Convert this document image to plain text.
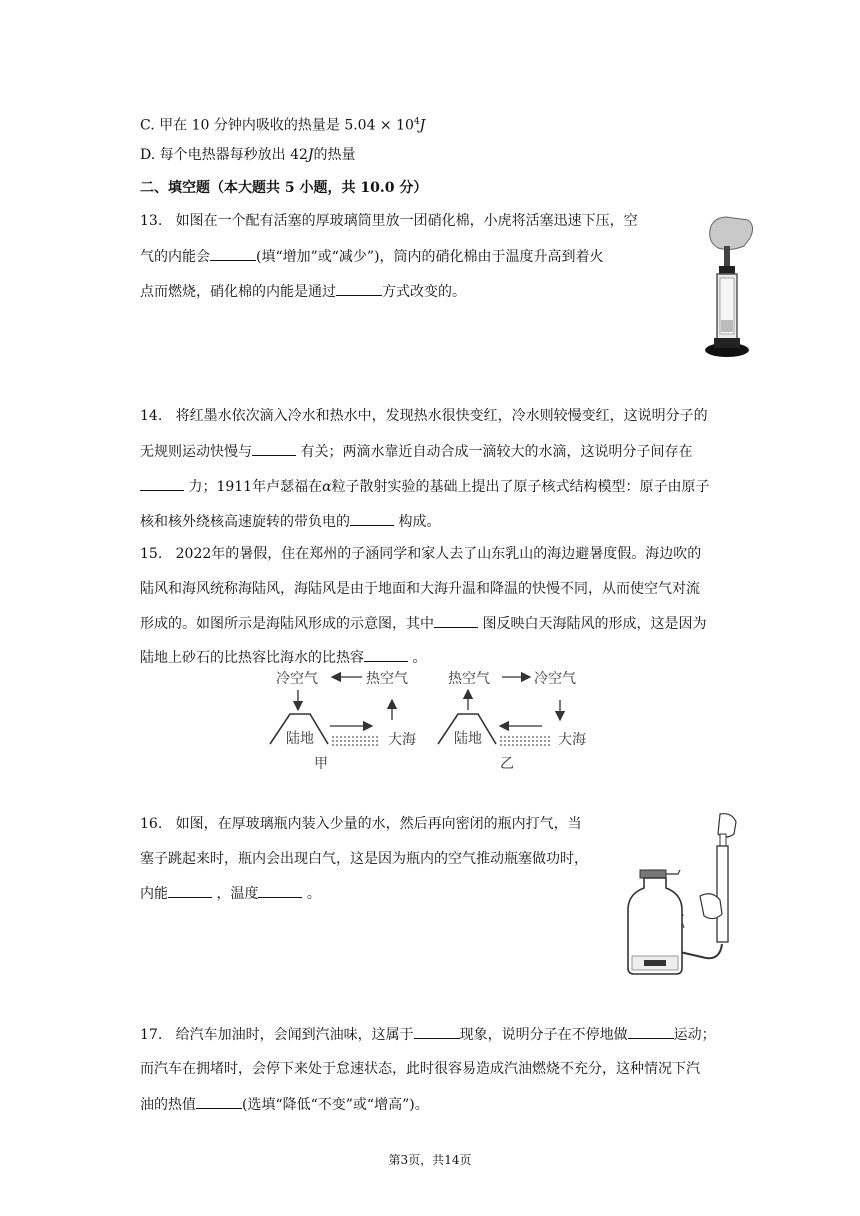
C. 甲在 10 分钟内吸收的热量是 $5.04 \times 10^4J$
D. 每个电热器每秒放出 42J的热量
二、填空题（本大题共 5 小题，共 10.0 分）
13. 如图在一个配有活塞的厚玻璃筒里放一团硝化棉，小虎将活塞迅速下压，空
气的内能会	(填“增加”或“减少”)，筒内的硝化棉由于温度升高到着火
点而燃烧，硝化棉的内能是通过	方式改变的。
14. 将红墨水依次滴入冷水和热水中，发现热水很快变红，冷水则较慢变红，这说明分子的
无规则运动快慢与	有关；两滴水靠近自动合成一滴较大的水滴，这说明分子间存在
力；1911年卢瑟福在α粒子散射实验的基础上提出了原子核式结构模型：原子由原子
核和核外绕核高速旋转的带负电的	构成。
15. 2022年的暑假，住在郑州的子涵同学和家人去了山东乳山的海边避暑度假。海边吹的
陆风和海风统称海陆风，海陆风是由于地面和大海升温和降温的快慢不同，从而使空气对流
形成的。如图所示是海陆风形成的示意图，其中	图反映白天海陆风的形成，这是因为
陆地上砂石的比热容比海水的比热容	。
冷空气	热空气
陆地	大海
甲
热空气	冷空气
陆地	大海
乙
16. 如图，在厚玻璃瓶内装入少量的水，然后再向密闭的瓶内打气，当
塞子跳起来时，瓶内会出现白气，这是因为瓶内的空气推动瓶塞做功时，
内能	，温度	。
17. 给汽车加油时，会闻到汽油味，这属于	现象，说明分子在不停地做	运动；
而汽车在拥堵时，会停下来处于怠速状态，此时很容易造成汽油燃烧不充分，这种情况下汽
油的热值	(选填“降低“不变”或“增高”)。
第3页，共14页
